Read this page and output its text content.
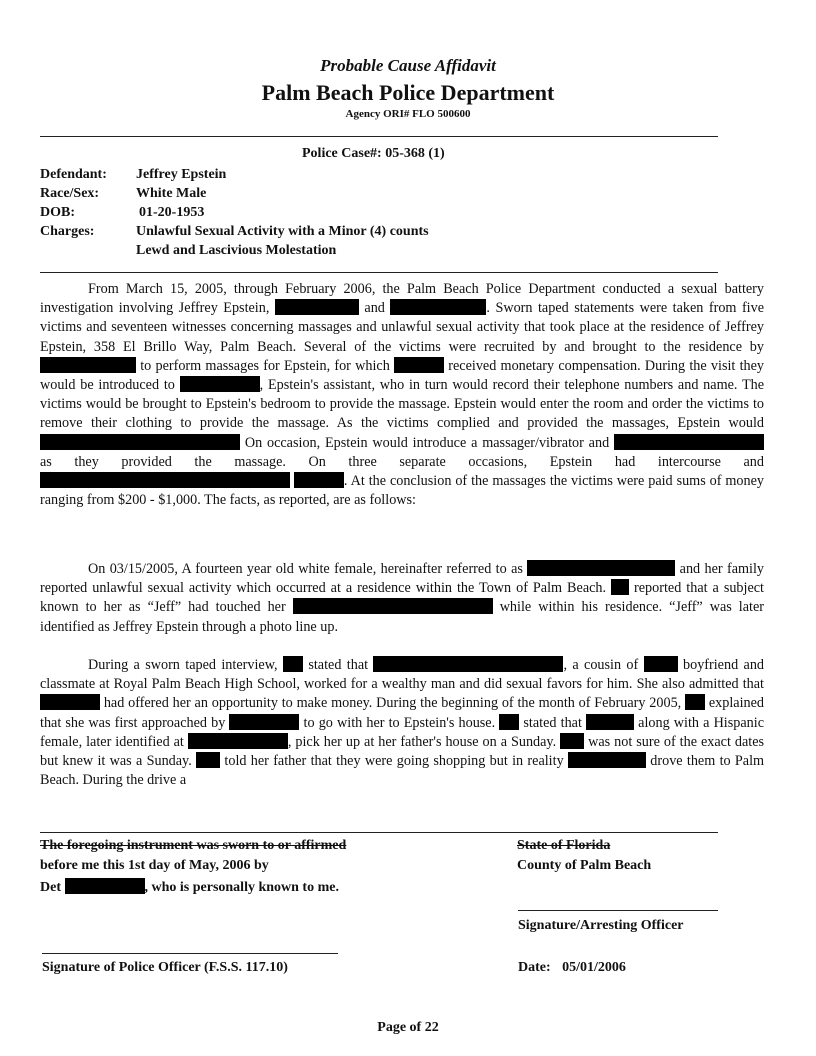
Probable Cause Affidavit
Palm Beach Police Department
Agency ORI# FLO 500600
Police Case#: 05-368 (1)
Defendant: Jeffrey Epstein
Race/Sex:	White Male
DOB:	01-20-1953
Charges:	Unlawful Sexual Activity with a Minor (4) counts
Lewd and Lascivious Molestation

From March 15, 2005, through February 2006, the Palm Beach Police Department conducted a sexual battery investigation involving Jeffrey Epstein,	and	. Sworn taped statements were taken from five victims and seventeen witnesses concerning massages and unlawful sexual activity that took place at the residence of Jeffrey Epstein, 358 El Brillo Way, Palm Beach. Several of the victims were recruited by and brought to the residence by  to perform massages for Epstein, for which	received monetary compensation. During the visit they would be introduced to	, Epstein's assistant, who in turn would record their telephone numbers and name. The victims would be brought to Epstein's bedroom to provide the massage. Epstein would enter the room and order the victims to remove their clothing to provide the massage. As the victims complied and provided the massages, Epstein would  On occasion, Epstein would introduce a massager/vibrator and  as they provided the massage. On three separate occasions, Epstein had intercourse and  . At the conclusion of the massages the victims were paid sums of money ranging from $200 - $1,000. The facts, as reported, are as follows:

On 03/15/2005, A fourteen year old white female, hereinafter referred to as	and her family reported unlawful sexual activity which occurred at a residence within the Town of Palm Beach. reported that a subject known to her as “Jeff” had touched her	while within his residence. “Jeff” was later identified as Jeffrey Epstein through a photo line up.

During a sworn taped interview, stated that	, a cousin of	boyfriend and classmate at Royal Palm Beach High School, worked for a wealthy man and did sexual favors for him. She also admitted that  had offered her an opportunity to make money. During the beginning of the month of February 2005, explained that she was first approached by	to go with her to Epstein's house. stated that	along with a Hispanic female, later identified at	, pick her up at her father's house on a Sunday. was not sure of the exact dates but knew it was a Sunday. told her father that they were going shopping but in reality	drove them to Palm Beach. During the drive a

The foregoing instrument was sworn to or affirmed
before me this 1st day of May, 2006 by
Det	, who is personally known to me.
State of Florida
County of Palm Beach
Signature/Arresting Officer
Signature of Police Officer (F.S.S. 117.10)	Date: 05/01/2006
Page of 22
